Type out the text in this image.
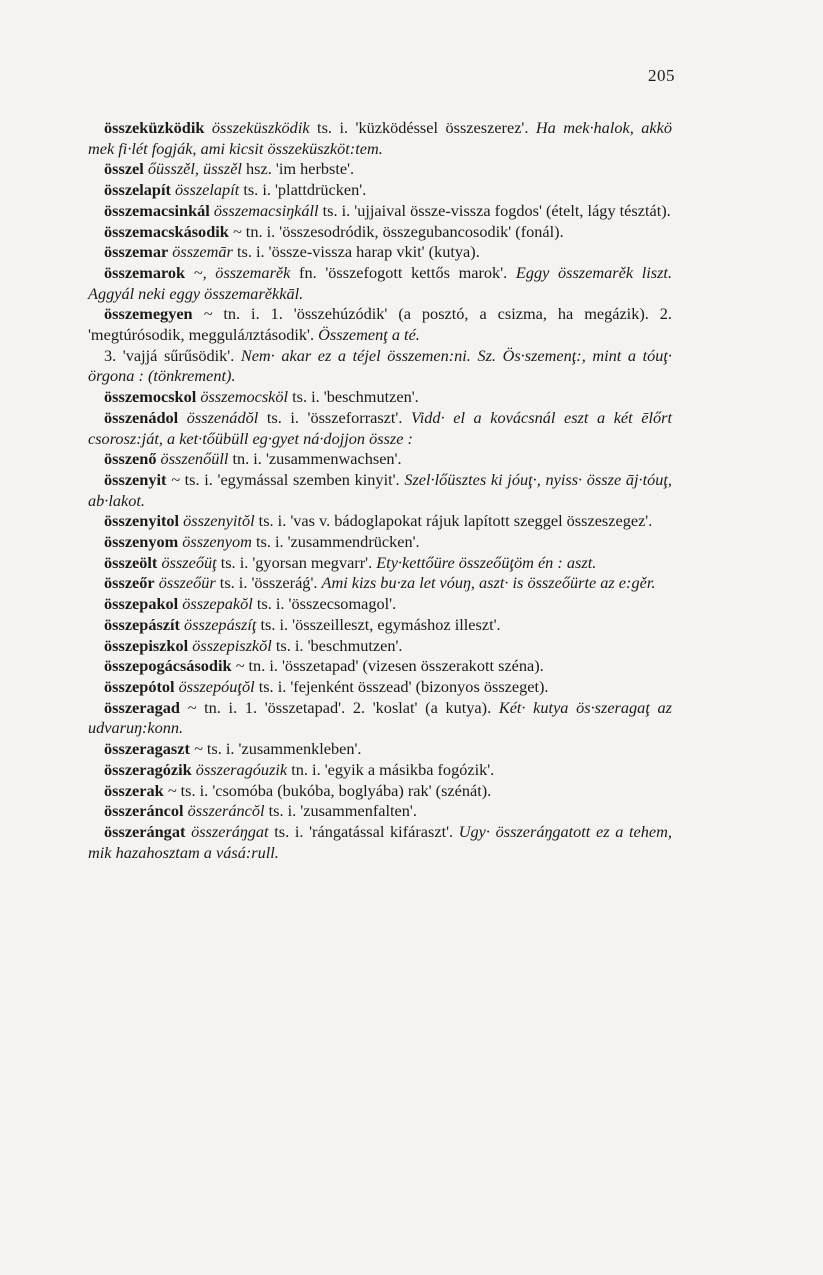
205

összeküzködik összeküszködik ts. i. 'küzködéssel összeszerez'. Ha mek·halok, akkö mek fi·lét fogják, ami kicsit összeküszköt:tem.

összel őüsszěl, üsszěl hsz. 'im herbste'.

összelapít összelapít ts. i. 'plattdrücken'.

összemacsinkál összemacsiŋkáll ts. i. 'ujjaival össze-vissza fogdos' (ételt, lágy tésztát).

összemacskásodik ~ tn. i. 'összesodródik, összegubancosodik' (fonál).

összemar összemār ts. i. 'össze-vissza harap vkit' (kutya).

összemarok ~, összemarěk fn. 'összefogott kettős marok'. Eggy összemarěk liszt. Aggyál neki eggy összemarěkkāl.

összemegyen ~ tn. i. 1. 'összehúzódik' (a posztó, a csizma, ha megázik). 2. 'megtúrósodik, megguláлztásodik'. Összemenţ a té.

3. 'vajjá sűrűsödik'. Nem· akar ez a téjel összemen:ni. Sz. Ös·szemenţ:, mint a tóuţ· örgona : (tönkrement).

összemocskol összemocsköl ts. i. 'beschmutzen'.

összenádol összenádŏl ts. i. 'összeforraszt'. Vidd· el a kovácsnál eszt a két ēlőrt csorosz:ját, a ket·tőübüll eg·gyet ná·dojjon össze :

összenő összenőüll tn. i. 'zusammenwachsen'.

összenyit ~ ts. i. 'egymással szemben kinyit'. Szel·lőüsztes ki jóuţ·, nyiss· össze āj·tóuţ, ab·lakot.

összenyitol összenyitŏl ts. i. 'vas v. bádoglapokat rájuk lapított szeggel összeszegez'.

összenyom összenyom ts. i. 'zusammendrücken'.

összeölt összeőüţ ts. i. 'gyorsan megvarr'. Ety·kettőüre összeőüţöm én : aszt.

összeőr összeőür ts. i. 'összeráǵ'. Ami kizs bu·za let vóuŋ, aszt· is összeőürte az e:gěr.

összepakol összepakŏl ts. i. 'összecsomagol'.

összepászít összepászíţ ts. i. 'összeilleszt, egymáshoz illeszt'.

összepiszkol összepiszkŏl ts. i. 'beschmutzen'.

összepogácsásodik ~ tn. i. 'összetapad' (vizesen összerakott széna).

összepótol összepóuţŏl ts. i. 'fejenként összead' (bizonyos összeget).

összeragad ~ tn. i. 1. 'összetapad'. 2. 'koslat' (a kutya). Két· kutya ös·szeragaţ az udvaruŋ:konn.

összeragaszt ~ ts. i. 'zusammenkleben'.

összeragózik összeragóuzik tn. i. 'egyik a másikba fogózik'.

összerak ~ ts. i. 'csomóba (bukóba, boglyába) rak' (szénát).

összeráncol összeráncŏl ts. i. 'zusammenfalten'.

összerángat összeráŋgat ts. i. 'rángatással kifáraszt'. Ugy· összeráŋgatott ez a tehem, mik hazahosztam a vásá:rull.
